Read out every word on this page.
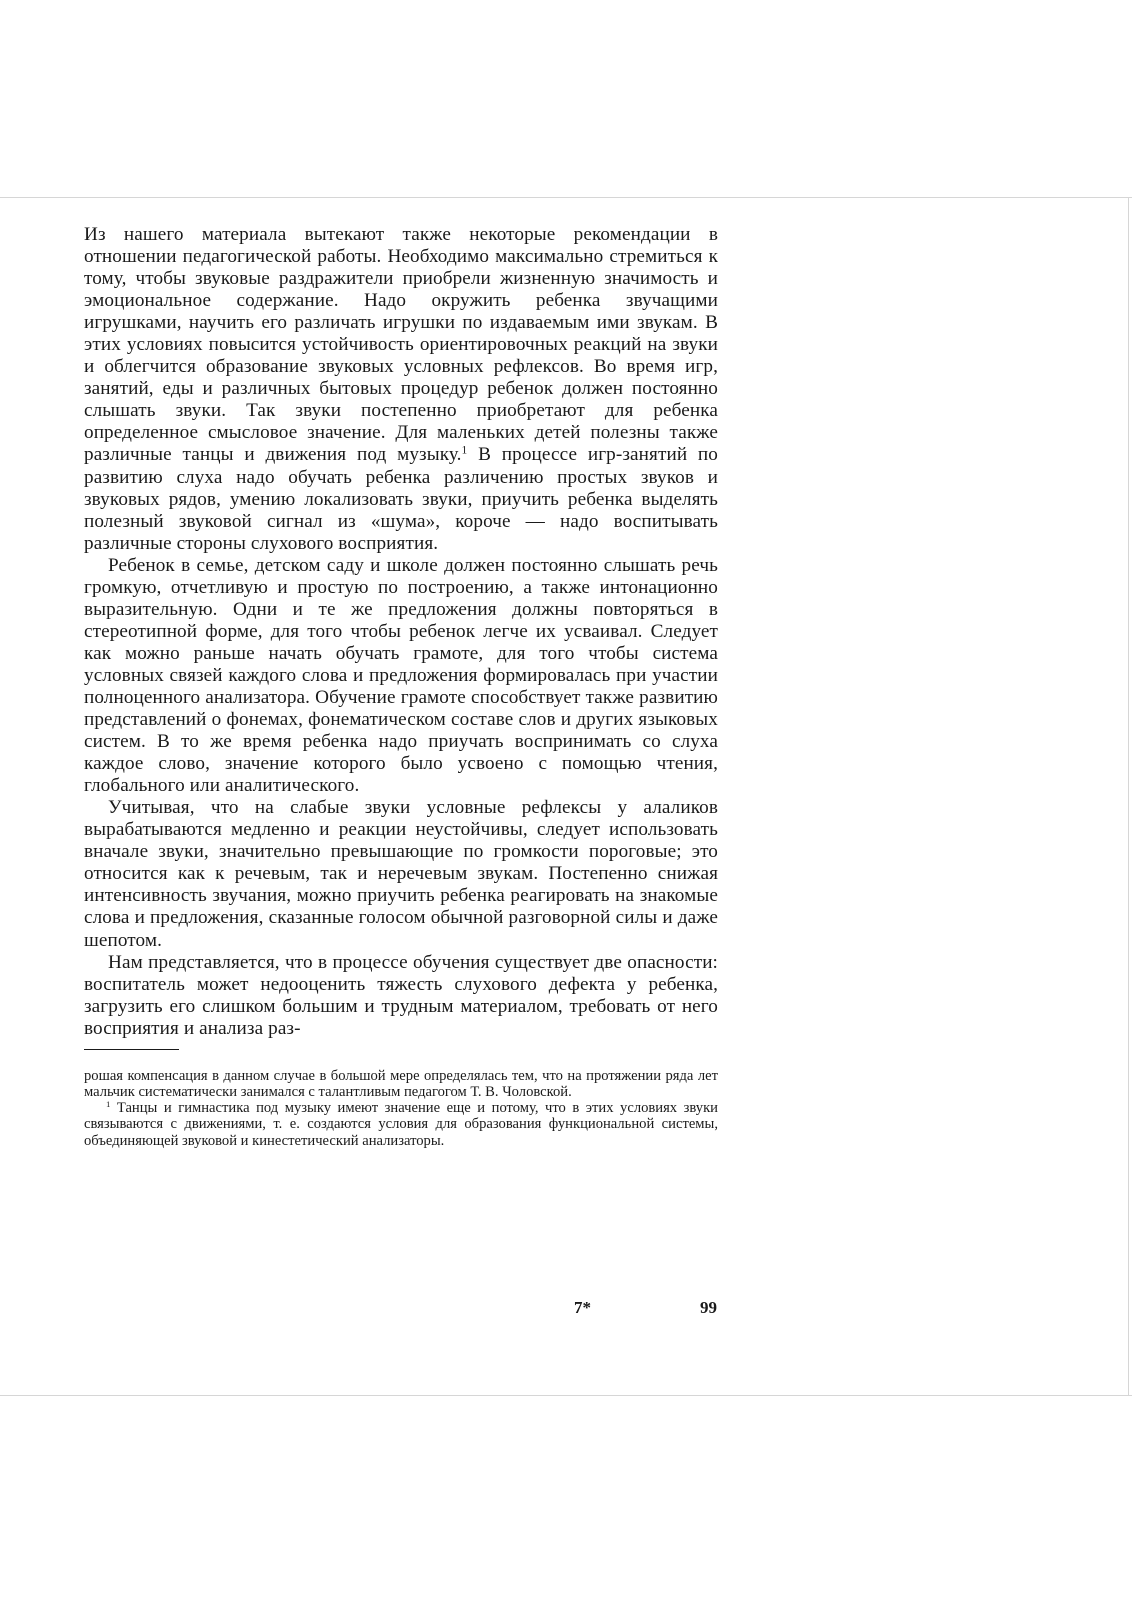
Из нашего материала вытекают также некоторые рекомендации в отношении педагогической работы. Необходимо максимально стремиться к тому, чтобы звуковые раздражители приобрели жизненную значимость и эмоциональное содержание. Надо окружить ребенка звучащими игрушками, научить его различать игрушки по издаваемым ими звукам. В этих условиях повысится устойчивость ориентировочных реакций на звуки и облегчится образование звуковых условных рефлексов. Во время игр, занятий, еды и различных бытовых процедур ребенок должен постоянно слышать звуки. Так звуки постепенно приобретают для ребенка определенное смысловое значение. Для маленьких детей полезны также различные танцы и движения под музыку.$^1$ В процессе игр-занятий по развитию слуха надо обучать ребенка различению простых звуков и звуковых рядов, умению локализовать звуки, приучить ребенка выделять полезный звуковой сигнал из «шума», короче — надо воспитывать различные стороны слухового восприятия.

Ребенок в семье, детском саду и школе должен постоянно слышать речь громкую, отчетливую и простую по построению, а также интонационно выразительную. Одни и те же предложения должны повторяться в стереотипной форме, для того чтобы ребенок легче их усваивал. Следует как можно раньше начать обучать грамоте, для того чтобы система условных связей каждого слова и предложения формировалась при участии полноценного анализатора. Обучение грамоте способствует также развитию представлений о фонемах, фонематическом составе слов и других языковых систем. В то же время ребенка надо приучать воспринимать со слуха каждое слово, значение которого было усвоено с помощью чтения, глобального или аналитического.

Учитывая, что на слабые звуки условные рефлексы у алаликов вырабатываются медленно и реакции неустойчивы, следует использовать вначале звуки, значительно превышающие по громкости пороговые; это относится как к речевым, так и неречевым звукам. Постепенно снижая интенсивность звучания, можно приучить ребенка реагировать на знакомые слова и предложения, сказанные голосом обычной разговорной силы и даже шепотом.

Нам представляется, что в процессе обучения существует две опасности: воспитатель может недооценить тяжесть слухового дефекта у ребенка, загрузить его слишком большим и трудным материалом, требовать от него восприятия и анализа раз-

рошая компенсация в данном случае в большой мере определялась тем, что на протяжении ряда лет мальчик систематически занимался с талантливым педагогом Т. В. Чоловской.

$^1$ Танцы и гимнастика под музыку имеют значение еще и потому, что в этих условиях звуки связываются с движениями, т. е. создаются условия для образования функциональной системы, объединяющей звуковой и кинестетический анализаторы.

7*	99
